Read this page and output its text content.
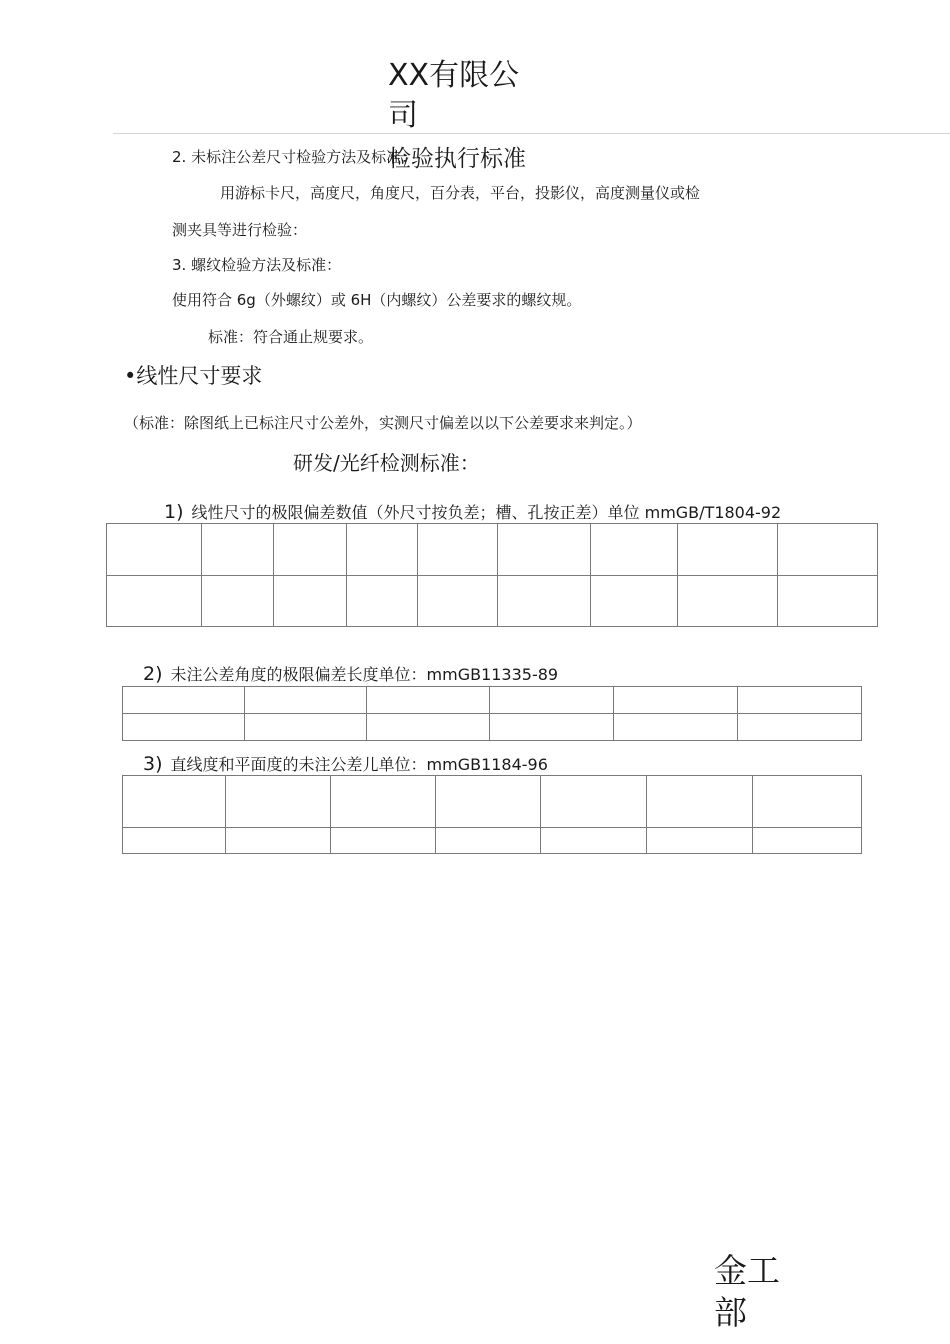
XX有限公司
检验执行标准
2. 未标注公差尺寸检验方法及标准：
用游标卡尺，高度尺，角度尺，百分表，平台，投影仪，高度测量仪或检
测夹具等进行检验：
3. 螺纹检验方法及标准：
使用符合 6g（外螺纹）或 6H（内螺纹）公差要求的螺纹规。
标准：符合通止规要求。
•线性尺寸要求
（标准：除图纸上已标注尺寸公差外，实测尺寸偏差以以下公差要求来判定。）
研发/光纤检测标准：
1) 线性尺寸的极限偏差数值（外尺寸按负差；槽、孔按正差）单位 mmGB/T1804-92

2) 未注公差角度的极限偏差长度单位：mmGB11335-89

3) 直线度和平面度的未注公差儿单位：mmGB1184-96

金工部
